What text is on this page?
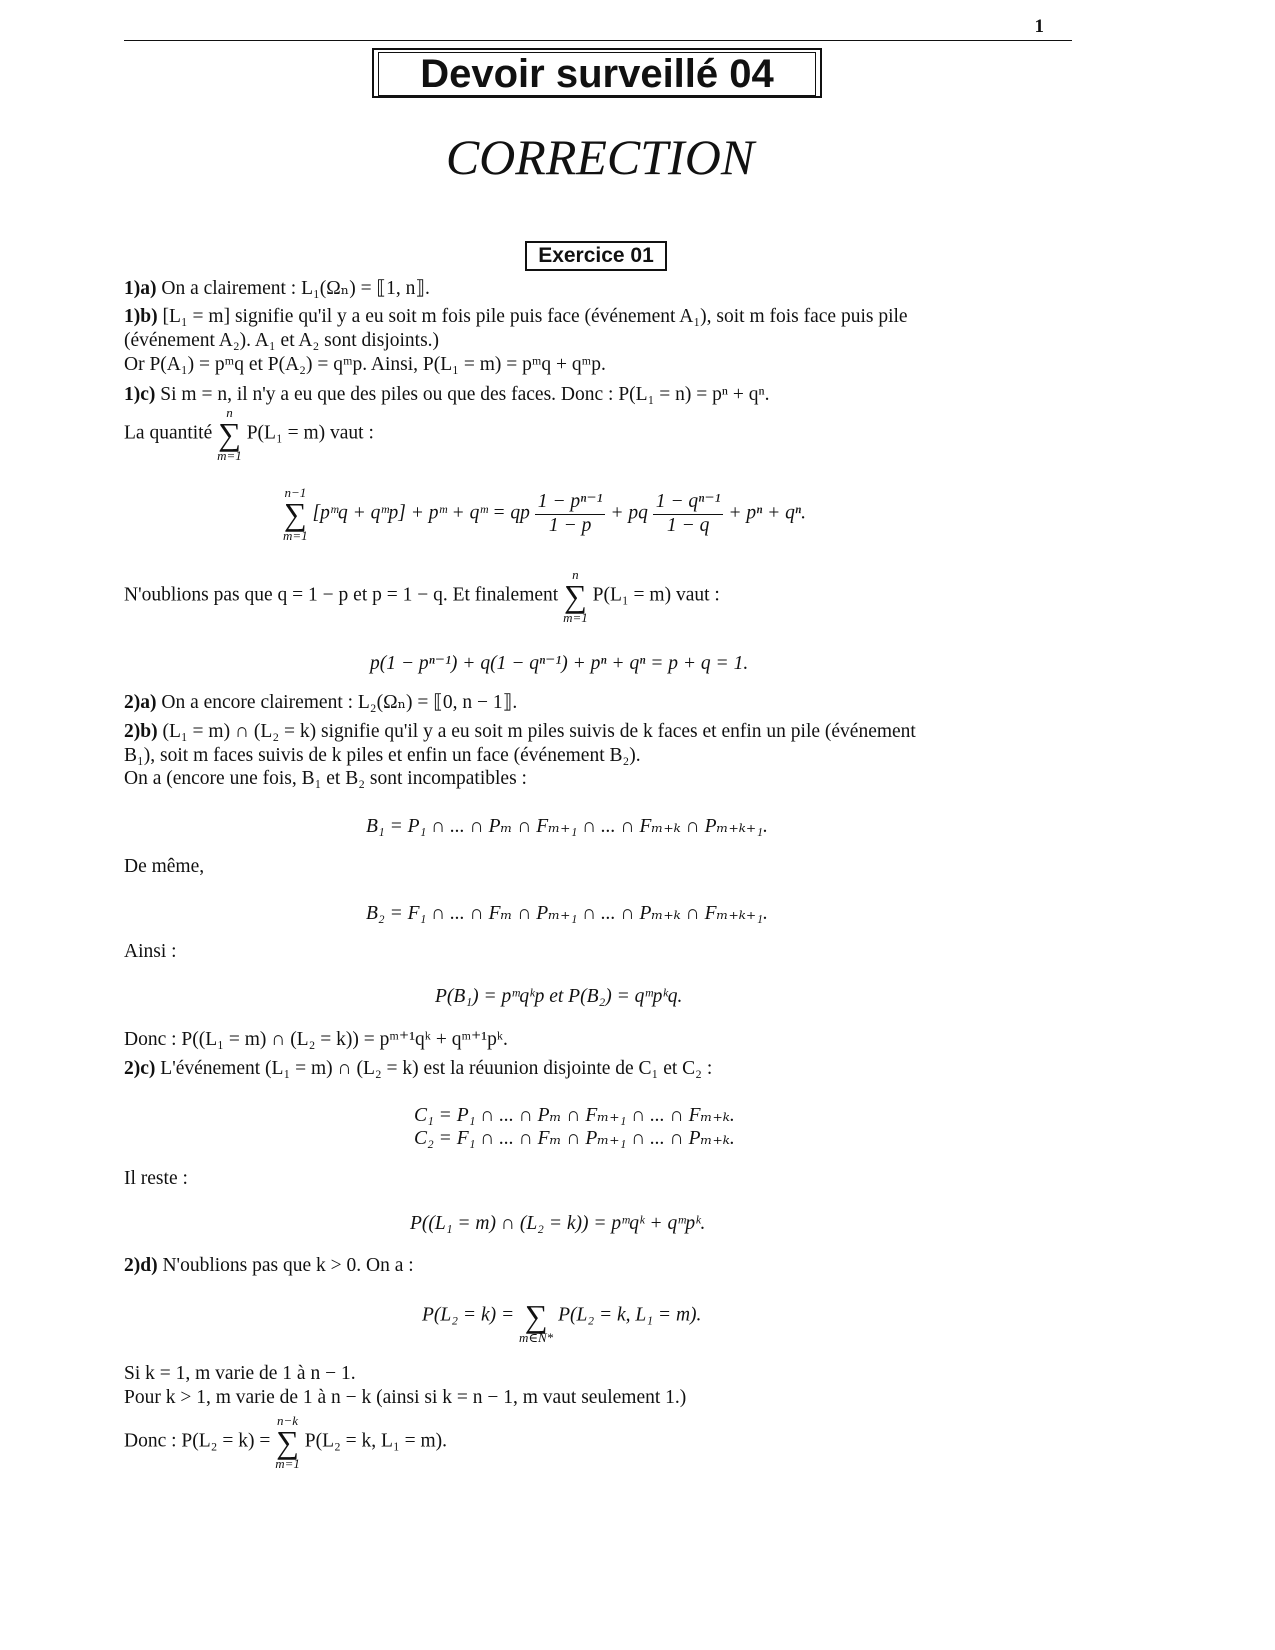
1
Devoir surveillé 04
CORRECTION
Exercice 01
1)a) On a clairement : L₁(Ωₙ) = ⟦1, n⟧.
1)b) [L₁ = m] signifie qu'il y a eu soit m fois pile puis face (événement A₁), soit m fois face puis pile
(événement A₂). A₁ et A₂ sont disjoints.)
Or P(A₁) = pᵐq et P(A₂) = qᵐp. Ainsi, P(L₁ = m) = pᵐq + qᵐp.
1)c) Si m = n, il n'y a eu que des piles ou que des faces. Donc : P(L₁ = n) = pⁿ + qⁿ.
La quantité
n
∑
m=1
P(L₁ = m) vaut :
n−1
∑
m=1
[pᵐq + qᵐp] + pᵐ + qᵐ = qp $\frac{\text{1 − pⁿ⁻¹}}{1 - p}$ + pq $\frac{\text{1 − qⁿ⁻¹}}{1 - q} + p^n + q^n$.
N'oublions pas que q = 1 − p et p = 1 − q. Et finalement
n
∑
m=1
P(L₁ = m) vaut :
p(1 − pⁿ⁻¹) + q(1 − qⁿ⁻¹) + pⁿ + qⁿ = p + q = 1.
2)a) On a encore clairement : L₂(Ωₙ) = ⟦0, n − 1⟧.
2)b) (L₁ = m) ∩ (L₂ = k) signifie qu'il y a eu soit m piles suivis de k faces et enfin un pile (événement
B₁), soit m faces suivis de k piles et enfin un face (événement B₂).
On a (encore une fois, B₁ et B₂ sont incompatibles :
B₁ = P₁ ∩ ... ∩ Pₘ ∩ Fₘ₊₁ ∩ ... ∩ Fₘ₊ₖ ∩ Pₘ₊ₖ₊₁.
De même,
B₂ = F₁ ∩ ... ∩ Fₘ ∩ Pₘ₊₁ ∩ ... ∩ Pₘ₊ₖ ∩ Fₘ₊ₖ₊₁.
Ainsi :
P(B₁) = pᵐqᵏp et P(B₂) = qᵐpᵏq.
Donc : P((L₁ = m) ∩ (L₂ = k)) = pᵐ⁺¹qᵏ + qᵐ⁺¹pᵏ.
2)c) L'événement (L₁ = m) ∩ (L₂ = k) est la réuunion disjointe de C₁ et C₂ :
C₁ = P₁ ∩ ... ∩ Pₘ ∩ Fₘ₊₁ ∩ ... ∩ Fₘ₊ₖ.
C₂ = F₁ ∩ ... ∩ Fₘ ∩ Pₘ₊₁ ∩ ... ∩ Pₘ₊ₖ.
Il reste :
P((L₁ = m) ∩ (L₂ = k)) = pᵐqᵏ + qᵐpᵏ.
2)d) N'oublions pas que k > 0. On a :
P(L₂ = k) = ∑
m∈N*
P(L₂ = k, L₁ = m).
Si k = 1, m varie de 1 à n − 1.
Pour k > 1, m varie de 1 à n − k (ainsi si k = n − 1, m vaut seulement 1.)
Donc : P(L₂ = k) =
n−k
∑
m=1
P(L₂ = k, L₁ = m).
